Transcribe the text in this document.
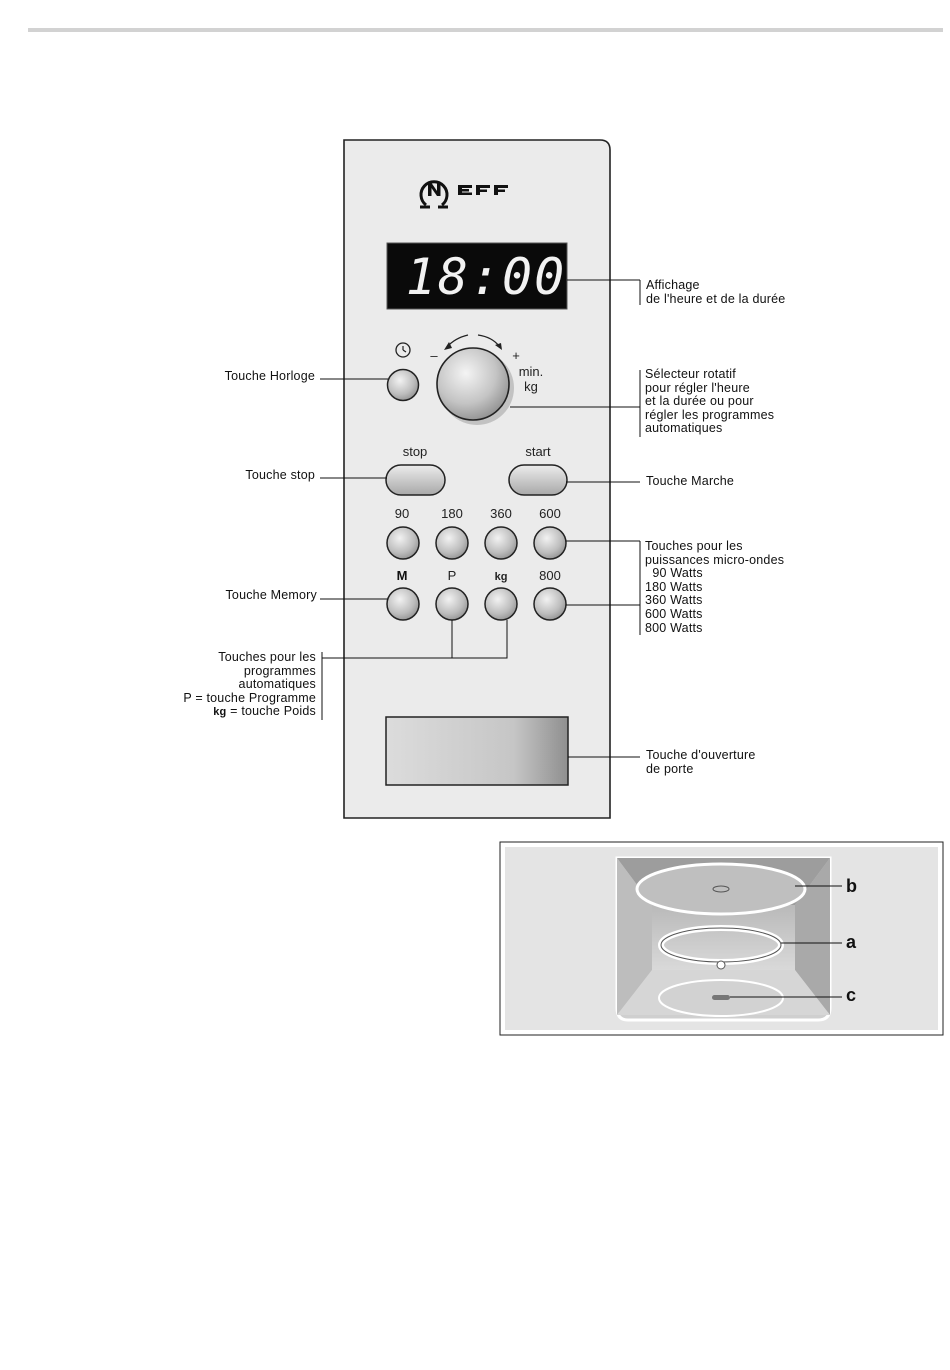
NEFF
18:00
–	+
min.
kg
stop	start
90 180 360 600
M	P	kg 800
b
a
c
Touche Horloge
Touche stop
Touche Memory
Touches pour les
programmes
automatiques
P = touche Programme
kg = touche Poids
Affichage
de l'heure et de la durée
Sélecteur rotatif
pour régler l'heure
et la durée ou pour
régler les programmes
automatiques
Touche Marche
Touches pour les
puissances micro-ondes
90 Watts
180 Watts
360 Watts
600 Watts
800 Watts
Touche d'ouverture
de porte
